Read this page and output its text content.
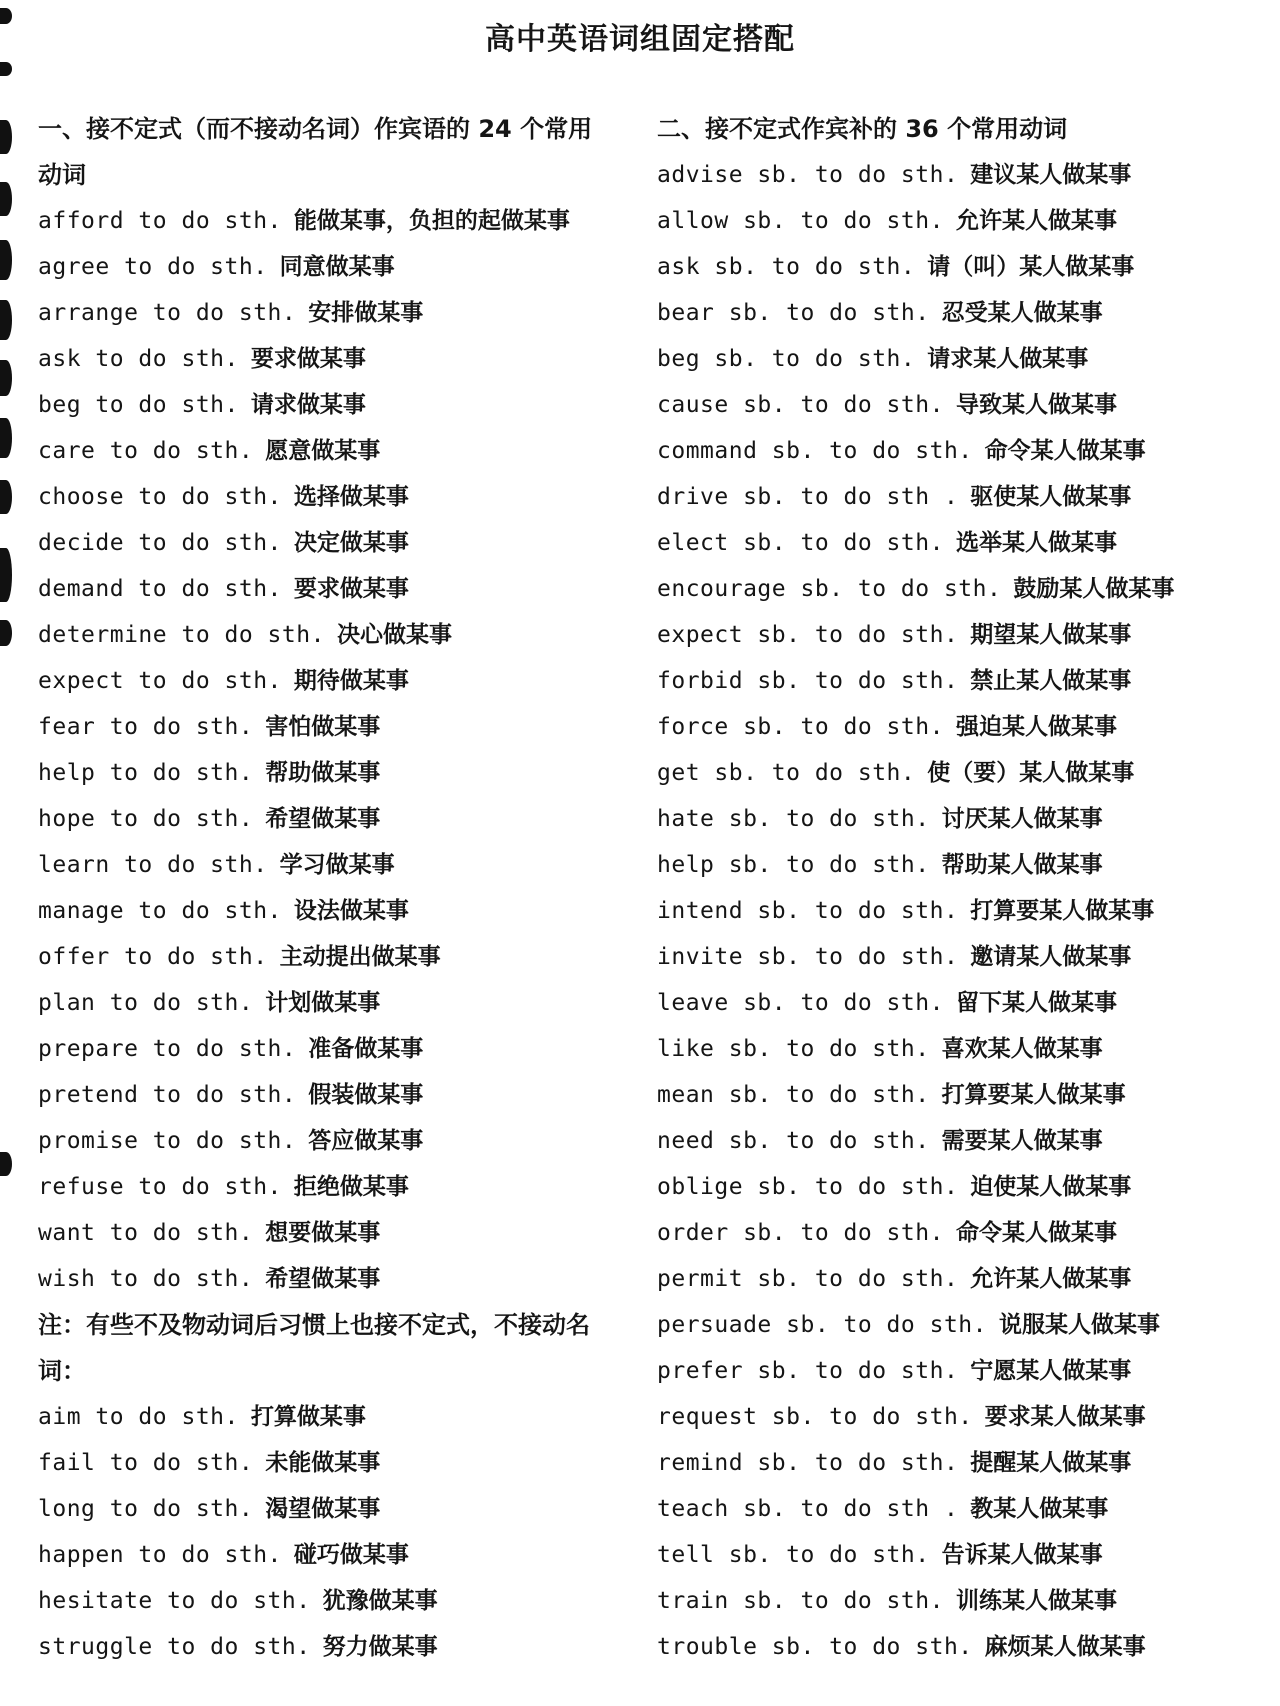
高中英语词组固定搭配
一、接不定式（而不接动名词）作宾语的 24 个常用动词
afford to do sth. 能做某事，负担的起做某事
agree to do sth. 同意做某事
arrange to do sth. 安排做某事
ask to do sth. 要求做某事
beg to do sth. 请求做某事
care to do sth. 愿意做某事
choose to do sth. 选择做某事
decide to do sth. 决定做某事
demand to do sth. 要求做某事
determine to do sth. 决心做某事
expect to do sth. 期待做某事
fear to do sth. 害怕做某事
help to do sth. 帮助做某事
hope to do sth. 希望做某事
learn to do sth. 学习做某事
manage to do sth. 设法做某事
offer to do sth. 主动提出做某事
plan to do sth. 计划做某事
prepare to do sth. 准备做某事
pretend to do sth. 假装做某事
promise to do sth. 答应做某事
refuse to do sth. 拒绝做某事
want to do sth. 想要做某事
wish to do sth. 希望做某事
注：有些不及物动词后习惯上也接不定式，不接动名词：
aim to do sth. 打算做某事
fail to do sth. 未能做某事
long to do sth. 渴望做某事
happen to do sth. 碰巧做某事
hesitate to do sth. 犹豫做某事
struggle to do sth. 努力做某事
二、接不定式作宾补的 36 个常用动词
advise sb. to do sth. 建议某人做某事
allow sb. to do sth. 允许某人做某事
ask sb. to do sth. 请（叫）某人做某事
bear sb. to do sth. 忍受某人做某事
beg sb. to do sth. 请求某人做某事
cause sb. to do sth. 导致某人做某事
command sb. to do sth. 命令某人做某事
drive sb. to do sth . 驱使某人做某事
elect sb. to do sth. 选举某人做某事
encourage sb. to do sth. 鼓励某人做某事
expect sb. to do sth. 期望某人做某事
forbid sb. to do sth. 禁止某人做某事
force sb. to do sth. 强迫某人做某事
get sb. to do sth. 使（要）某人做某事
hate sb. to do sth. 讨厌某人做某事
help sb. to do sth. 帮助某人做某事
intend sb. to do sth. 打算要某人做某事
invite sb. to do sth. 邀请某人做某事
leave sb. to do sth. 留下某人做某事
like sb. to do sth. 喜欢某人做某事
mean sb. to do sth. 打算要某人做某事
need sb. to do sth. 需要某人做某事
oblige sb. to do sth. 迫使某人做某事
order sb. to do sth. 命令某人做某事
permit sb. to do sth. 允许某人做某事
persuade sb. to do sth. 说服某人做某事
prefer sb. to do sth. 宁愿某人做某事
request sb. to do sth. 要求某人做某事
remind sb. to do sth. 提醒某人做某事
teach sb. to do sth . 教某人做某事
tell sb. to do sth. 告诉某人做某事
train sb. to do sth. 训练某人做某事
trouble sb. to do sth. 麻烦某人做某事
